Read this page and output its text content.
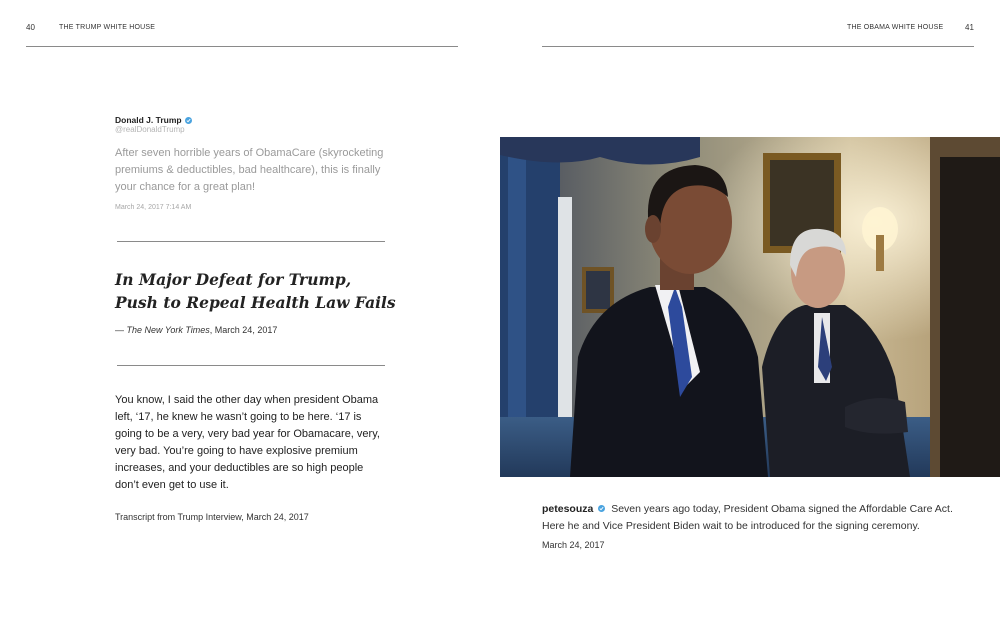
40	THE TRUMP WHITE HOUSE
Donald J. Trump
@realDonaldTrump
After seven horrible years of ObamaCare (skyrocketing premiums & deductibles, bad healthcare), this is finally your chance for a great plan!
March 24, 2017 7:14 AM
In Major Defeat for Trump,
Push to Repeal Health Law Fails
— The New York Times, March 24, 2017
You know, I said the other day when president Obama left, ‘17, he knew he wasn’t going to be here. ‘17 is going to be a very, very bad year for Obamacare, very, very bad. You’re going to have explosive premium increases, and your deductibles are so high people don’t even get to use it.
Transcript from Trump Interview, March 24, 2017
THE OBAMA WHITE HOUSE	41
petesouza Seven years ago today, President Obama signed the Affordable Care Act. Here he and Vice President Biden wait to be introduced for the signing ceremony.
March 24, 2017
